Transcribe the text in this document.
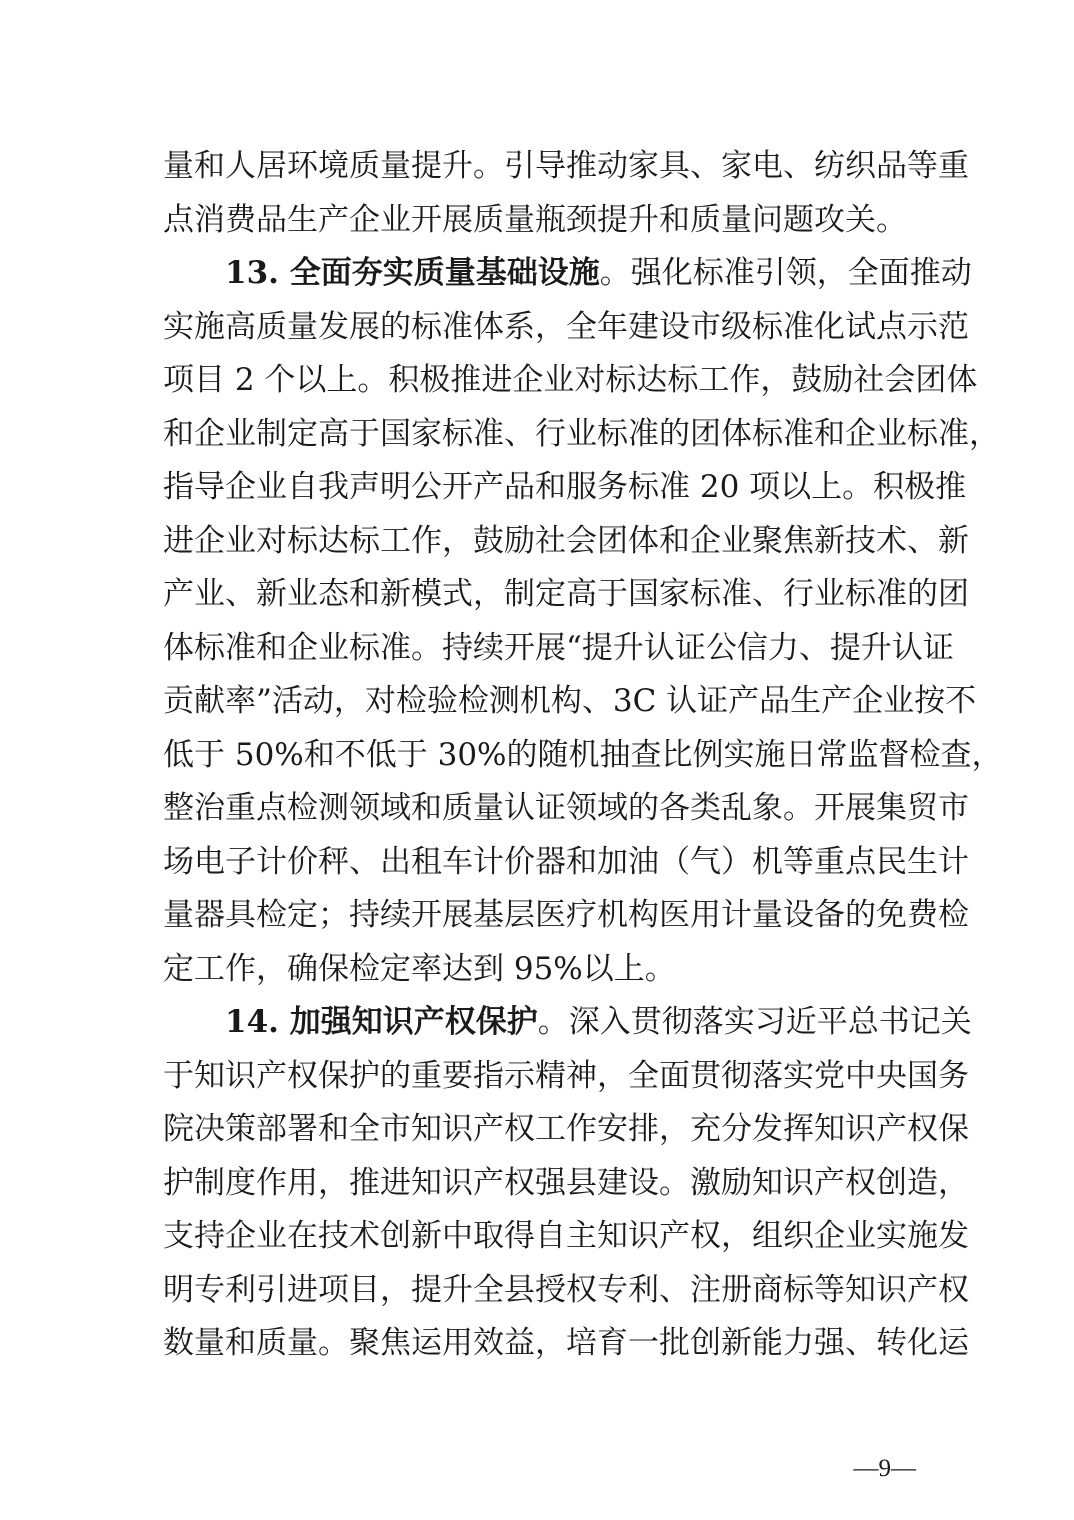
量和人居环境质量提升。引导推动家具、家电、纺织品等重
点消费品生产企业开展质量瓶颈提升和质量问题攻关。
13. 全面夯实质量基础设施。强化标准引领，全面推动
实施高质量发展的标准体系，全年建设市级标准化试点示范
项目 2 个以上。积极推进企业对标达标工作，鼓励社会团体
和企业制定高于国家标准、行业标准的团体标准和企业标准，
指导企业自我声明公开产品和服务标准 20 项以上。积极推
进企业对标达标工作，鼓励社会团体和企业聚焦新技术、新
产业、新业态和新模式，制定高于国家标准、行业标准的团
体标准和企业标准。持续开展“提升认证公信力、提升认证
贡献率”活动，对检验检测机构、3C 认证产品生产企业按不
低于 50%和不低于 30%的随机抽查比例实施日常监督检查，
整治重点检测领域和质量认证领域的各类乱象。开展集贸市
场电子计价秤、出租车计价器和加油（气）机等重点民生计
量器具检定；持续开展基层医疗机构医用计量设备的免费检
定工作，确保检定率达到 95%以上。
14. 加强知识产权保护。深入贯彻落实习近平总书记关
于知识产权保护的重要指示精神，全面贯彻落实党中央国务
院决策部署和全市知识产权工作安排，充分发挥知识产权保
护制度作用，推进知识产权强县建设。激励知识产权创造，
支持企业在技术创新中取得自主知识产权，组织企业实施发
明专利引进项目，提升全县授权专利、注册商标等知识产权
数量和质量。聚焦运用效益，培育一批创新能力强、转化运
—9—
